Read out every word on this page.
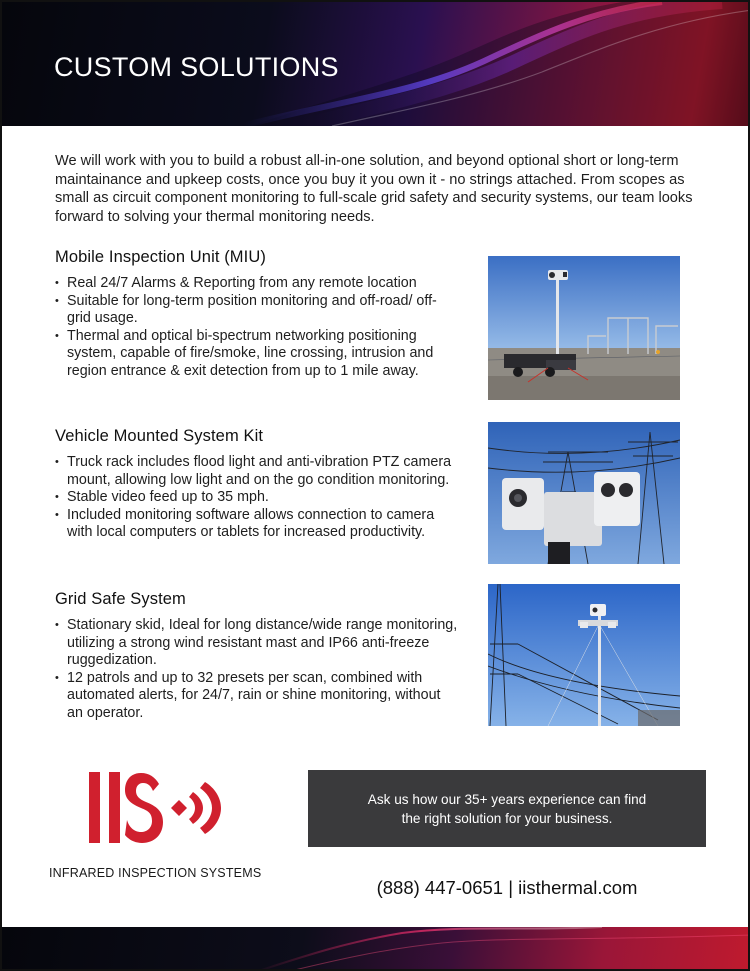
CUSTOM SOLUTIONS

We will work with you to build a robust all-in-one solution, and beyond optional short or long-term maintainance and upkeep costs, once you buy it you own it - no strings attached. From scopes as small as circuit component monitoring to full-scale grid safety and security systems, our team looks forward to solving your thermal monitoring needs.

Mobile Inspection Unit (MIU)
• Real 24/7 Alarms & Reporting from any remote location
• Suitable for long-term position monitoring and off-road/ off-grid usage.
• Thermal and optical bi-spectrum networking positioning system, capable of fire/smoke, line crossing, intrusion and region entrance & exit detection from up to 1 mile away.
Vehicle Mounted System Kit
• Truck rack includes flood light and anti-vibration PTZ camera mount, allowing low light and on the go condition monitoring.
• Stable video feed up to 35 mph.
• Included monitoring software allows connection to camera with local computers or tablets for increased productivity.
Grid Safe System
• Stationary skid, Ideal for long distance/wide range monitoring, utilizing a strong wind resistant mast and IP66 anti-freeze ruggedization.
• 12 patrols and up to 32 presets per scan, combined with automated alerts, for 24/7, rain or shine monitoring, without an operator.
INFRARED INSPECTION SYSTEMS
Ask us how our 35+ years experience can find the right solution for your business.
(888) 447-0651 | iisthermal.com
